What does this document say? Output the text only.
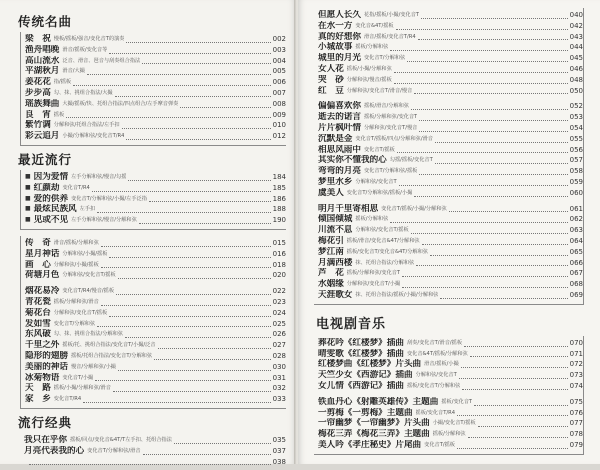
传统名曲
梁　祝 慢板/摇板/强音/变化音T的演奏	002
渔舟唱晚 滑音/摇板/变化音等	003
高山流水 泛音、滑音、琶音与刮奏组合指法	004
平湖秋月 滑音/大撮	005
姜花花 指/摇板	006
步步高 勾、抹、挑组合指法/大撮	007
瑶族舞曲 大撮/摇板/快、托组合指法/四点组合/左手摩音弹奏	008
良　宵 摇板	009
紫竹调 分解和弦/托组合指法/左手扣	010
彩云追月 小撮/分解和弦/变化音T/R4	012
最近流行
■ 因为爱情 左手分解和弦/慢音/勾摇	184
■ 红颜劫 变化音T/R4	185
■ 爱的供养 变化音T/分解和弦/小撮/左手泛指	186
■ 最炫民族风 左手扣	188
■ 见或不见 左手分解和弦/慢音/分解和弦	190
传　奇 滑音/摇板/分解和弦	015
星月神话 分解和弦/小撮/摇板	016
画　心 分解和弦/小撮/摇板	018
荷塘月色 分解和弦/变化音T/摇板	020
烟花易冷 变化音T/R4/慢音/摇板	022
青花瓷 摇板/分解和弦/滑音	023
菊花台 分解和弦/变化音T/摇板	024
发如雪 变化音T/分解和弦	025
东风破 勾、抹、挑组合指法/分解和弦	026
千里之外 摇板/托、挑组合指法/变化音T/小撮/泛音	027
隐形的翅膀 摇板/托组合指法/变化音T/分解和弦	028
美丽的神话 慢音/分解和弦/小撮	030
冰菊物语 变化音T/小撮	031
天　路 摇板/小撮/分解和弦/滑音	032
家　乡 变化音T/R4	033
流行经典
我只在乎你 摇板/回点/变化音&4T/T左手扣、托组合指法	035
月亮代表我的心 变化音T/分解和弦/滑音	037
038
但愿人长久 花指/摇板/小撮/变化音T	040
在水一方 变化音&4T/摇板	042
真的好想你 滑音/摇板/变化音T/R4	043
小城故事 摇板/分解和弦	044
城里的月光 变化音T/分解和弦	045
女人花 摇板/小撮/分解和弦	046
哭　砂 分解和弦/慢音/摇板	048
红　豆 分解和弦/变化音T/滑音/慢音	050
偏偏喜欢你 摇板/滑音/分解和弦	052
逝去的诺言 摇板/分解和弦/变化音T	053
片片枫叶情 分解和弦/变化音T/慢音	054
沉默是金 变化音T/摇板/四点/分解和弦/滑音	055
相思风雨中 变化音T/摇板	056
其实你不懂我的心 勾摇/摇板/变化音T	057
弯弯的月亮 变化音T/分解和弦/摇板	058
梦里水乡 分解和弦/变化音T	059
虞美人 变化音T/分解和弦/摇板/小撮	060
明月千里寄相思 变化音T/摇板/小撮/分解和弦	061
倾国倾城 摇板/分解和弦	062
川流不息 分解和弦/变化音T/摇板	063
梅花引 摇板/滑音/变化音&4T/分解和弦	064
梦江南 摇板/变化音T/变化音&4T/分解和弦	065
月满西楼 抹、托组合指法/分解和弦	066
芦　花 摇板/分解和弦/变化音T	067
水姻缘 分解和弦/变化音T/小撮	068
天涯歌女 抹、托组合指法/摇板/小撮/分解和弦	069
电视剧音乐
葬花吟《红楼梦》插曲 刮奏/变化音T/滑音/摇板	070
晴雯歌《红楼梦》插曲 变化音&4T/摇板/分解和弦	071
红楼梦曲《红楼梦》片头曲 滑音/摇板/小撮	072
天竺少女《西游记》插曲 分解和弦/变化音T	073
女儿情《西游记》插曲 摇板/变化音T/分解和弦	074
铁血丹心《射雕英雄传》主题曲 摇板/变化音T	075
一剪梅《一剪梅》主题曲 摇板/变化音T/R4	076
一帘幽梦《一帘幽梦》片头曲 小撮/变化音T/摇板	077
梅花三弄《梅花三弄》主题曲 摇板/分解和弦	078
美人吟《孝庄秘史》片尾曲 变化音T/摇板	079
